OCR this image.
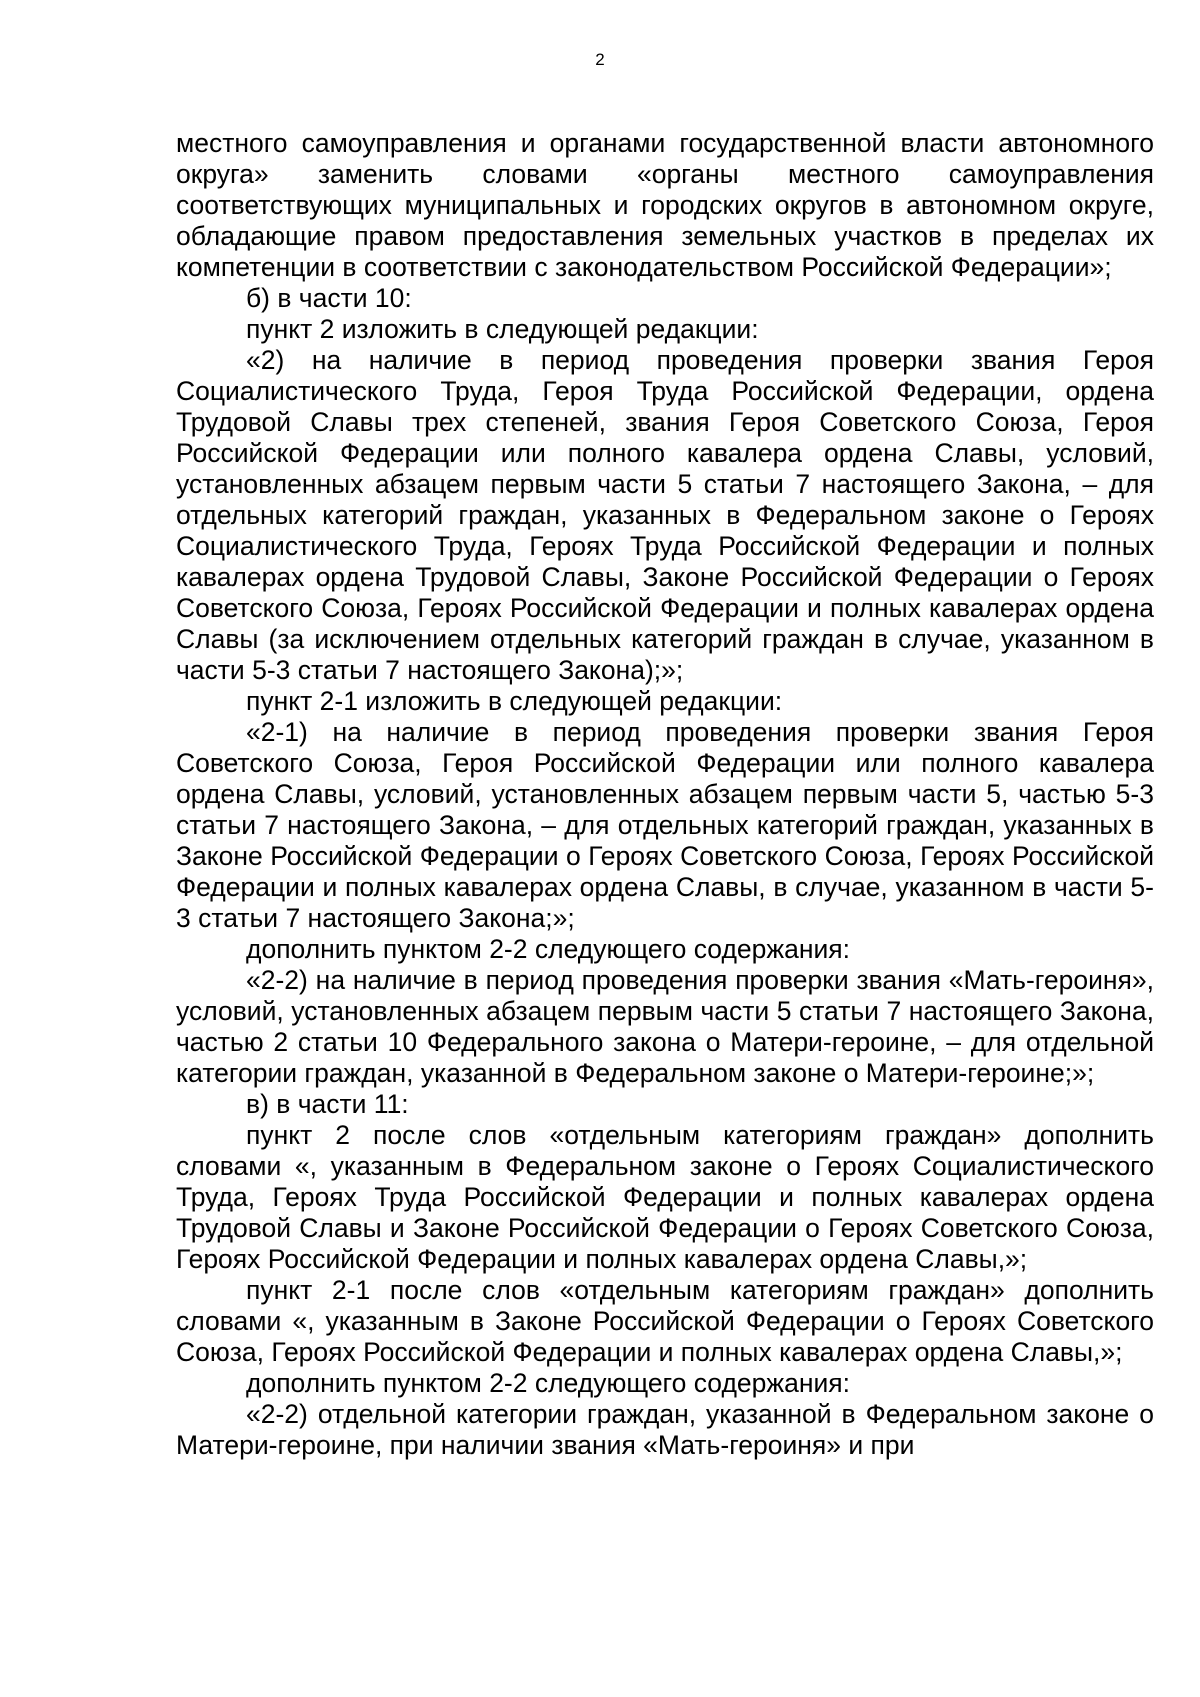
2

местного самоуправления и органами государственной власти автономного округа» заменить словами «органы местного самоуправления соответствующих муниципальных и городских округов в автономном округе, обладающие правом предоставления земельных участков в пределах их компетенции в соответствии с законодательством Российской Федерации»;

б) в части 10:

пункт 2 изложить в следующей редакции:

«2) на наличие в период проведения проверки звания Героя Социалистического Труда, Героя Труда Российской Федерации, ордена Трудовой Славы трех степеней, звания Героя Советского Союза, Героя Российской Федерации или полного кавалера ордена Славы, условий, установленных абзацем первым части 5 статьи 7 настоящего Закона, – для отдельных категорий граждан, указанных в Федеральном законе о Героях Социалистического Труда, Героях Труда Российской Федерации и полных кавалерах ордена Трудовой Славы, Законе Российской Федерации о Героях Советского Союза, Героях Российской Федерации и полных кавалерах ордена Славы (за исключением отдельных категорий граждан в случае, указанном в части 5-3 статьи 7 настоящего Закона);»;

пункт 2-1 изложить в следующей редакции:

«2-1) на наличие в период проведения проверки звания Героя Советского Союза, Героя Российской Федерации или полного кавалера ордена Славы, условий, установленных абзацем первым части 5, частью 5-3 статьи 7 настоящего Закона, – для отдельных категорий граждан, указанных в Законе Российской Федерации о Героях Советского Союза, Героях Российской Федерации и полных кавалерах ордена Славы, в случае, указанном в части 5-3 статьи 7 настоящего Закона;»;

дополнить пунктом 2-2 следующего содержания:

«2-2) на наличие в период проведения проверки звания «Мать-героиня», условий, установленных абзацем первым части 5 статьи 7 настоящего Закона, частью 2 статьи 10 Федерального закона о Матери-героине, – для отдельной категории граждан, указанной в Федеральном законе о Матери-героине;»;

в) в части 11:

пункт 2 после слов «отдельным категориям граждан» дополнить словами «, указанным в Федеральном законе о Героях Социалистического Труда, Героях Труда Российской Федерации и полных кавалерах ордена Трудовой Славы и Законе Российской Федерации о Героях Советского Союза, Героях Российской Федерации и полных кавалерах ордена Славы,»;

пункт 2-1 после слов «отдельным категориям граждан» дополнить словами «, указанным в Законе Российской Федерации о Героях Советского Союза, Героях Российской Федерации и полных кавалерах ордена Славы,»;

дополнить пунктом 2-2 следующего содержания:

«2-2) отдельной категории граждан, указанной в Федеральном законе о Матери-героине, при наличии звания «Мать-героиня» и при
